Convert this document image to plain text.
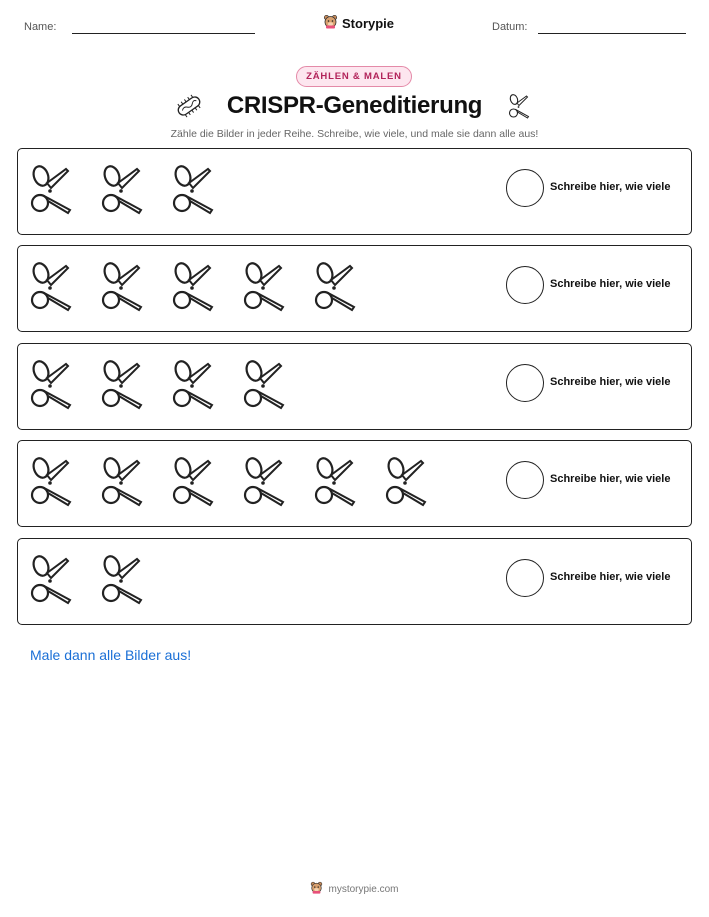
Name:	Storypie	Datum:
ZÄHLEN & MALEN
CRISPR-Geneditierung
Zähle die Bilder in jeder Reihe. Schreibe, wie viele, und male sie dann alle aus!
Schreibe hier, wie viele
Schreibe hier, wie viele
Schreibe hier, wie viele
Schreibe hier, wie viele
Schreibe hier, wie viele
Male dann alle Bilder aus!
mystorypie.com
